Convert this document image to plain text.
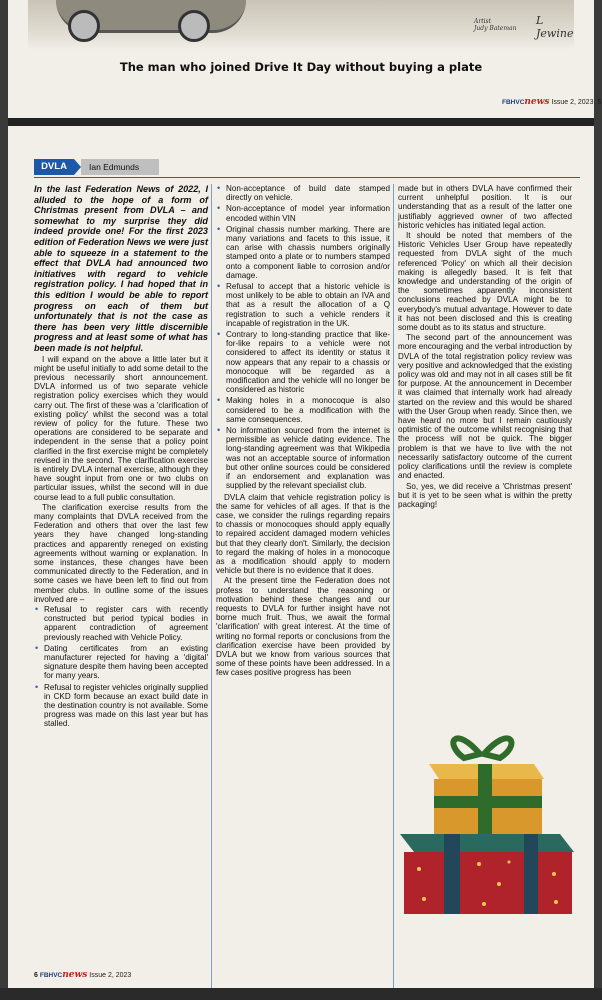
Artist
Judy Bateman
L Jewine
The man who joined Drive It Day without buying a plate
FBHVCnews Issue 2, 2023 5
DVLA	Ian Edmunds

In the last Federation News of 2022, I alluded to the hope of a form of Christmas present from DVLA – and somewhat to my surprise they did indeed provide one! For the first 2023 edition of Federation News we were just able to squeeze in a statement to the effect that DVLA had announced two initiatives with regard to vehicle registration policy. I had hoped that in this edition I would be able to report progress on each of them but unfortunately that is not the case as there has been very little discernible progress and at least some of what has been made is not helpful.

I will expand on the above a little later but it might be useful initially to add some detail to the previous necessarily short announcement. DVLA informed us of two separate vehicle registration policy exercises which they would carry out. The first of these was a 'clarification of existing policy' whilst the second was a total review of policy for the future. These two operations are considered to be separate and independent in the sense that a policy point clarified in the first exercise might be completely revised in the second. The clarification exercise is entirely DVLA internal exercise, although they have sought input from one or two clubs on particular issues, whilst the second will in due course lead to a full public consultation.

The clarification exercise results from the many complaints that DVLA received from the Federation and others that over the last few years they have changed long-standing practices and apparently reneged on existing agreements without warning or explanation. In some instances, these changes have been communicated directly to the Federation, and in some cases we have been left to find out from member clubs. In outline some of the issues involved are –

• Refusal to register cars with recently constructed but period typical bodies in apparent contradiction of agreement previously reached with Vehicle Policy.
• Dating certificates from an existing manufacturer rejected for having a 'digital' signature despite them having been accepted for many years.
• Refusal to register vehicles originally supplied in CKD form because an exact build date in the destination country is not available. Some progress was made on this last year but has stalled.
• Non-acceptance of build date stamped directly on vehicle.
• Non-acceptance of model year information encoded within VIN
• Original chassis number marking. There are many variations and facets to this issue, it can arise with chassis numbers originally stamped onto a plate or to numbers stamped onto a component liable to corrosion and/or damage.
• Refusal to accept that a historic vehicle is most unlikely to be able to obtain an IVA and that as a result the allocation of a Q registration to such a vehicle renders it incapable of registration in the UK.
• Contrary to long-standing practice that like-for-like repairs to a vehicle were not considered to affect its identity or status it now appears that any repair to a chassis or monocoque will be regarded as a modification and the vehicle will no longer be considered as historic
• Making holes in a monocoque is also considered to be a modification with the same consequences.
• No information sourced from the internet is permissible as vehicle dating evidence. The long-standing agreement was that Wikipedia was not an acceptable source of information but other online sources could be considered if an endorsement and explanation was supplied by the relevant specialist club.

DVLA claim that vehicle registration policy is the same for vehicles of all ages. If that is the case, we consider the rulings regarding repairs to chassis or monocoques should apply equally to repaired accident damaged modern vehicles but that they clearly don't. Similarly, the decision to regard the making of holes in a monocoque as a modification should apply to modern vehicle but there is no evidence that it does.

At the present time the Federation does not profess to understand the reasoning or motivation behind these changes and our requests to DVLA for further insight have not borne much fruit. Thus, we await the formal 'clarification' with great interest. At the time of writing no formal reports or conclusions from the clarification exercise have been provided by DVLA but we know from various sources that some of these points have been addressed. In a few cases positive progress has been

made but in others DVLA have confirmed their current unhelpful position. It is our understanding that as a result of the latter one justifiably aggrieved owner of two affected historic vehicles has initiated legal action.

It should be noted that members of the Historic Vehicles User Group have repeatedly requested from DVLA sight of the much referenced 'Policy' on which all their decision making is allegedly based. It is felt that knowledge and understanding of the origin of the sometimes apparently inconsistent conclusions reached by DVLA might be to everybody's mutual advantage. However to date it has not been disclosed and this is creating some doubt as to its status and structure.

The second part of the announcement was more encouraging and the verbal introduction by DVLA of the total registration policy review was very positive and acknowledged that the existing policy was old and may not in all cases still be fit for purpose. At the announcement in December it was claimed that internally work had already started on the review and this would be shared with the User Group when ready. Since then, we have heard no more but I remain cautiously optimistic of the outcome whilst recognising that the process will not be quick. The bigger problem is that we have to live with the not necessarily satisfactory outcome of the current policy clarifications until the review is complete and enacted.

So, yes, we did receive a 'Christmas present' but it is yet to be seen what is within the pretty packaging!

6 FBHVCnews Issue 2, 2023
